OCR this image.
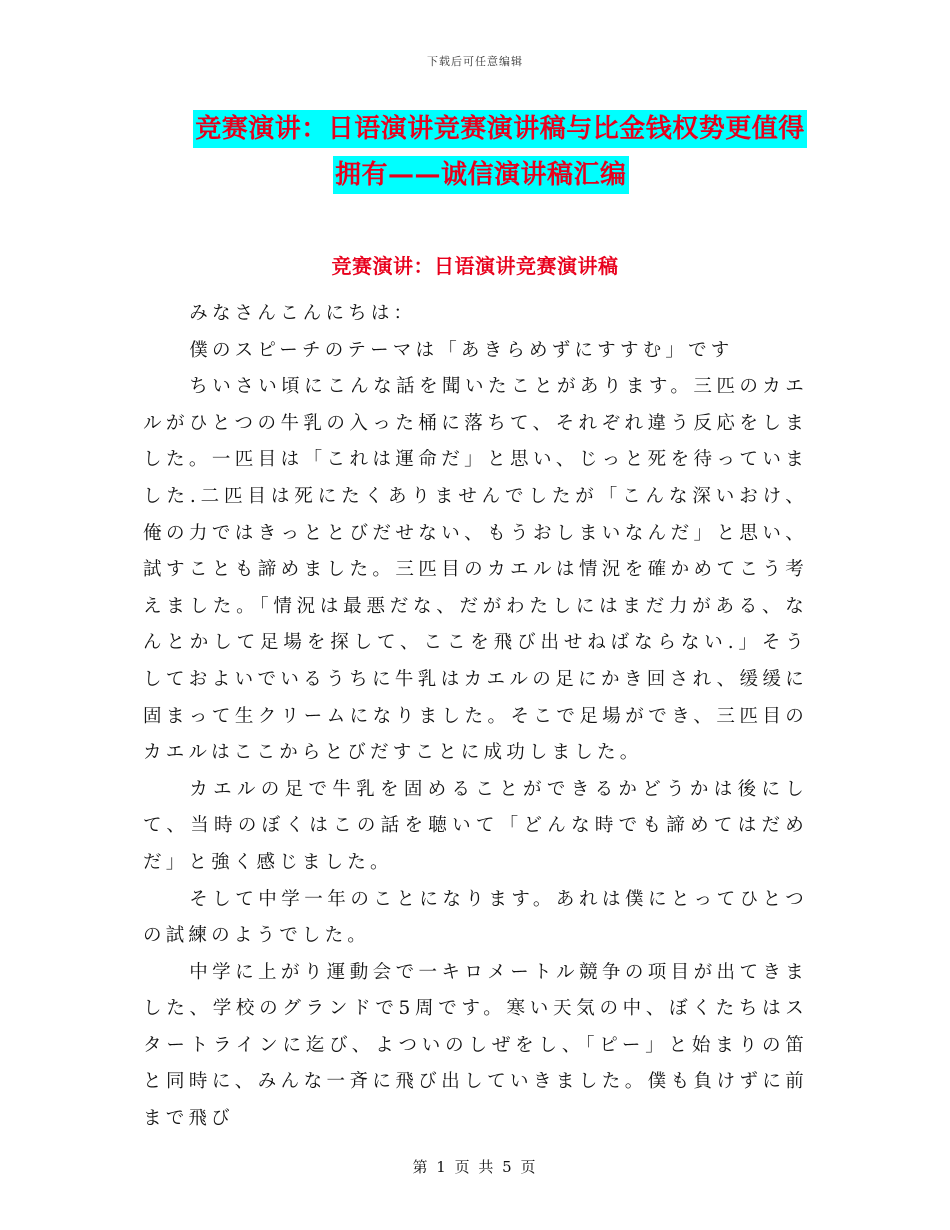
下载后可任意编辑
竞赛演讲：日语演讲竞赛演讲稿与比金钱权势更值得
拥有——诚信演讲稿汇编
竞赛演讲：日语演讲竞赛演讲稿

みなさんこんにちは：

僕のスピーチのテーマは「あきらめずにすすむ」です

ちいさい頃にこんな話を聞いたことがあります。三匹のカエルがひとつの牛乳の入った桶に落ちて、それぞれ違う反応をしました。一匹目は「これは運命だ」と思い、じっと死を待っていました.二匹目は死にたくありませんでしたが「こんな深いおけ、俺の力ではきっととびだせない、もうおしまいなんだ」と思い、試すことも諦めました。三匹目のカエルは情況を確かめてこう考えました。「情況は最悪だな、だがわたしにはまだ力がある、なんとかして足場を探して、ここを飛び出せねばならない.」そうしておよいでいるうちに牛乳はカエルの足にかき回され、缓缓に固まって生クリームになりました。そこで足場ができ、三匹目のカエルはここからとびだすことに成功しました。

カエルの足で牛乳を固めることができるかどうかは後にして、当時のぼくはこの話を聴いて「どんな時でも諦めてはだめだ」と強く感じました。

そして中学一年のことになります。あれは僕にとってひとつの試練のようでした。

中学に上がり運動会で一キロメートル競争の项目が出てきました、学校のグランドで5周です。寒い天気の中、ぼくたちはスタートラインに迄び、よついのしぜをし、「ピー」と始まりの笛と同時に、みんな一斉に飛び出していきました。僕も負けずに前まで飛び

第 1 页 共 5 页
